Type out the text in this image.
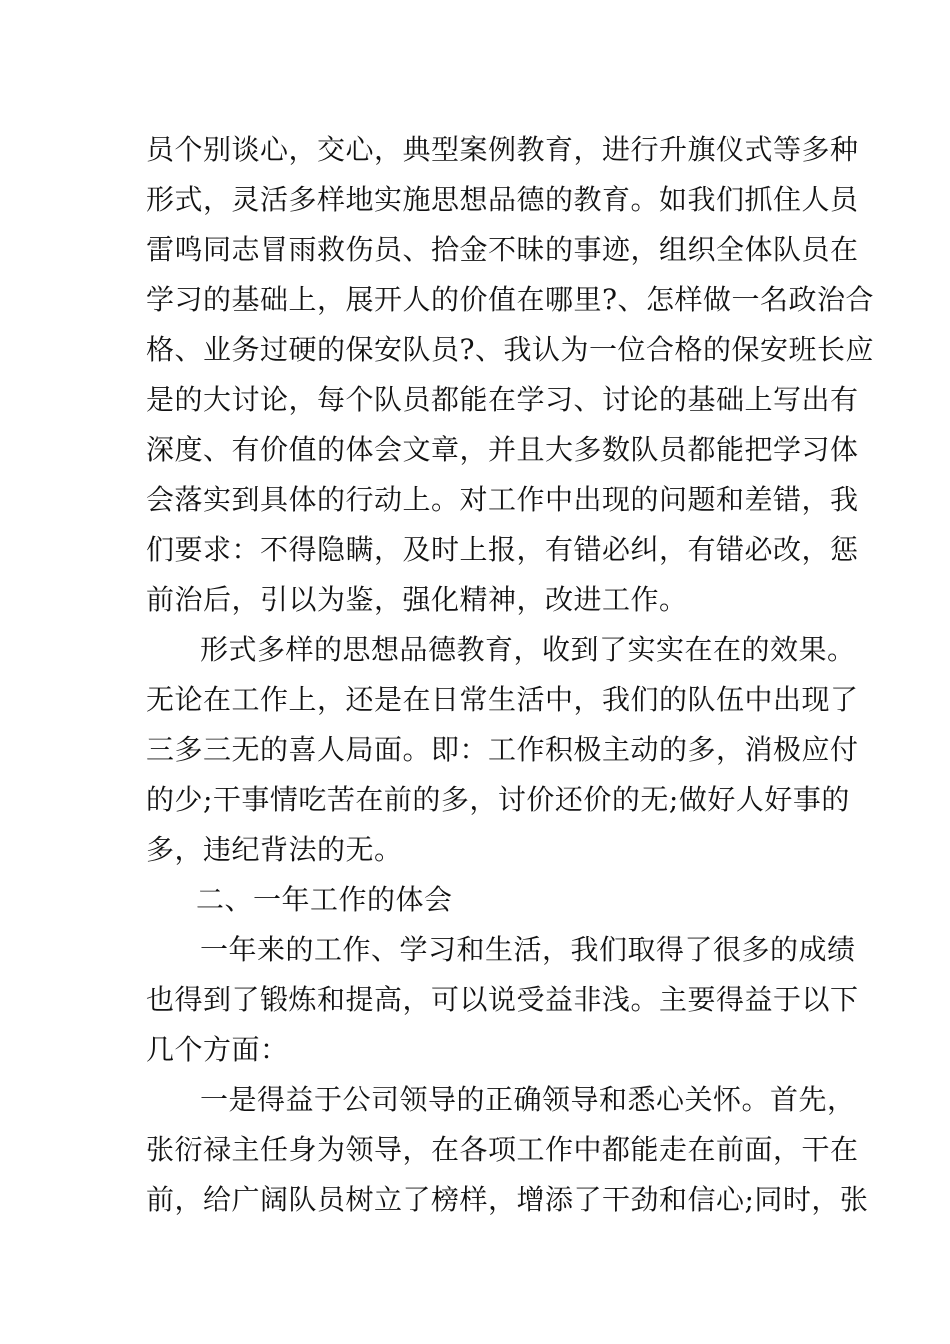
员个别谈心，交心，典型案例教育，进行升旗仪式等多种
形式，灵活多样地实施思想品德的教育。如我们抓住人员
雷鸣同志冒雨救伤员、拾金不昧的事迹，组织全体队员在
学习的基础上，展开人的价值在哪里?、怎样做一名政治合
格、业务过硬的保安队员?、我认为一位合格的保安班长应
是的大讨论，每个队员都能在学习、讨论的基础上写出有
深度、有价值的体会文章，并且大多数队员都能把学习体
会落实到具体的行动上。对工作中出现的问题和差错，我
们要求：不得隐瞒，及时上报，有错必纠，有错必改，惩
前治后，引以为鉴，强化精神，改进工作。
形式多样的思想品德教育，收到了实实在在的效果。
无论在工作上，还是在日常生活中，我们的队伍中出现了
三多三无的喜人局面。即：工作积极主动的多，消极应付
的少;干事情吃苦在前的多，讨价还价的无;做好人好事的
多，违纪背法的无。
二、一年工作的体会
一年来的工作、学习和生活，我们取得了很多的成绩
也得到了锻炼和提高，可以说受益非浅。主要得益于以下
几个方面：
一是得益于公司领导的正确领导和悉心关怀。首先，
张衍禄主任身为领导，在各项工作中都能走在前面，干在
前，给广阔队员树立了榜样，增添了干劲和信心;同时，张
